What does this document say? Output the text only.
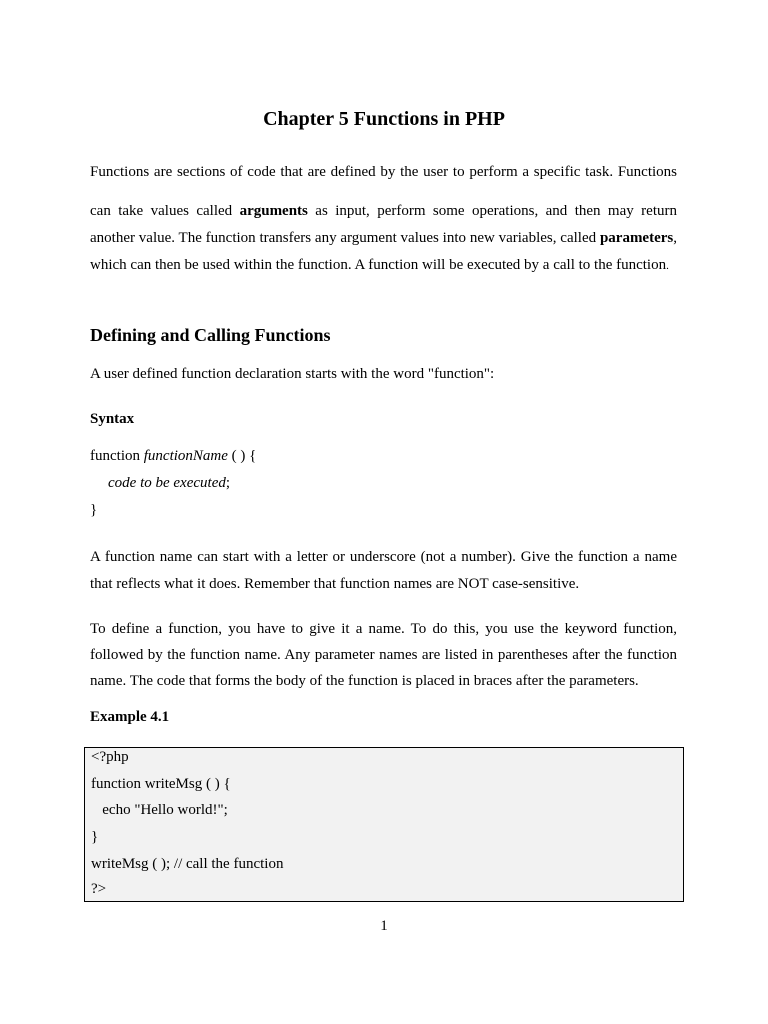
Chapter 5 Functions in PHP
Functions are sections of code that are defined by the user to perform a specific task. Functions
can take values called arguments as input, perform some operations, and then may return another value. The function transfers any argument values into new variables, called parameters, which can then be used within the function. A function will be executed by a call to the function.
Defining and Calling Functions
A user defined function declaration starts with the word "function":
Syntax
function functionName ( ) {
code to be executed;
}
A function name can start with a letter or underscore (not a number). Give the function a name that reflects what it does. Remember that function names are NOT case-sensitive.
To define a function, you have to give it a name. To do this, you use the keyword function, followed by the function name. Any parameter names are listed in parentheses after the function name. The code that forms the body of the function is placed in braces after the parameters.
Example 4.1
<?php
function writeMsg ( ) {
echo "Hello world!";
}
writeMsg ( ); // call the function
?>
1
